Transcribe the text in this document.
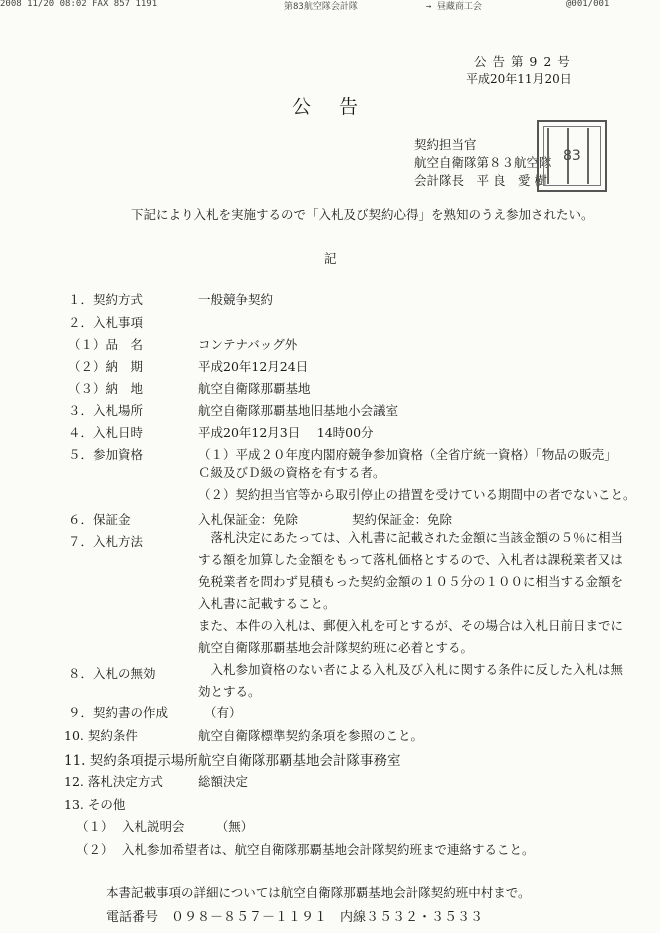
2008 11/20 08:02 FAX 857 1191	第83航空隊会計隊	→ 昼藏商工会	@001/001
公 告 第 9 2 号
平成20年11月20日
公告
契約担当官
航空自衛隊第８３航空隊
会計隊長　平 良　愛 樹
83
下記により入札を実施するので「入札及び契約心得」を熟知のうえ参加されたい。
記
１．契約方式	一般競争契約
２．入札事項
（１）品　名	コンテナバッグ外
（２）納　期	平成20年12月24日
（３）納　地	航空自衛隊那覇基地
３．入札場所	航空自衛隊那覇基地旧基地小会議室
４．入札日時	平成20年12月3日　 14時00分
５．参加資格	（１）平成２０年度内閣府競争参加資格（全省庁統一資格）「物品の販売」
Ｃ級及びＤ級の資格を有する者。
（２）契約担当官等から取引停止の措置を受けている期間中の者でないこと。
６．保証金	入札保証金：免除	契約保証金：免除
７．入札方法	　落札決定にあたっては、入札書に記載された金額に当該金額の５％に相当
する額を加算した金額をもって落札価格とするので、入札者は課税業者又は
免税業者を問わず見積もった契約金額の１０５分の１００に相当する金額を
入札書に記載すること。
また、本件の入札は、郵便入札を可とするが、その場合は入札日前日までに
航空自衛隊那覇基地会計隊契約班に必着とする。
８．入札の無効	　入札参加資格のない者による入札及び入札に関する条件に反した入札は無
効とする。
９．契約書の作成	（有）
10. 契約条件	航空自衛隊標準契約条項を参照のこと。
11. 契約条項提示場所 航空自衛隊那覇基地会計隊事務室
12. 落札決定方式	総額決定
13. その他
（１） 入札説明会　　　（無）
（２） 入札参加希望者は、航空自衛隊那覇基地会計隊契約班まで連絡すること。
本書記載事項の詳細については航空自衛隊那覇基地会計隊契約班中村まで。
電話番号　０９８－８５７－１１９１　内線３５３２・３５３３
